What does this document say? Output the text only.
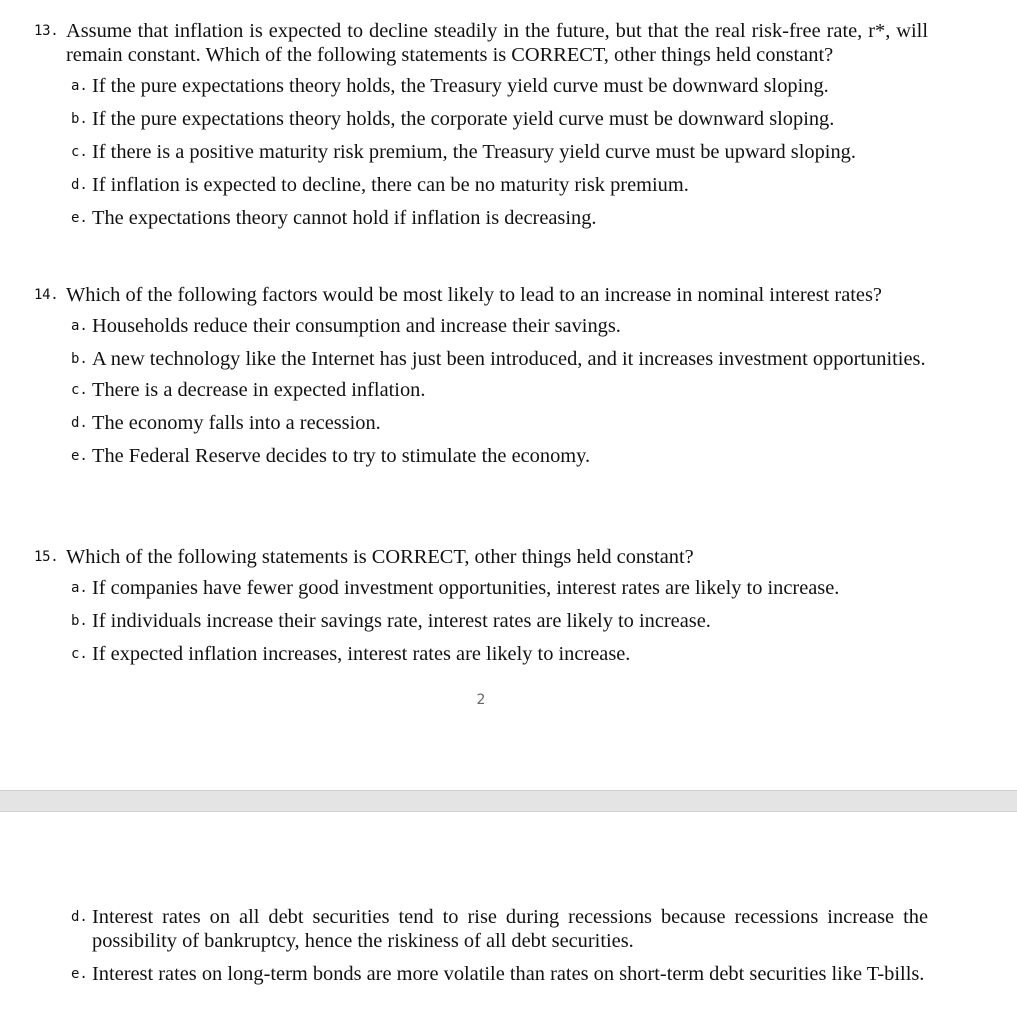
13. Assume that inflation is expected to decline steadily in the future, but that the real risk-free rate, r*, will remain constant. Which of the following statements is CORRECT, other things held constant?
a. If the pure expectations theory holds, the Treasury yield curve must be downward sloping.
b. If the pure expectations theory holds, the corporate yield curve must be downward sloping.
c. If there is a positive maturity risk premium, the Treasury yield curve must be upward sloping.
d. If inflation is expected to decline, there can be no maturity risk premium.
e. The expectations theory cannot hold if inflation is decreasing.
14. Which of the following factors would be most likely to lead to an increase in nominal interest rates?
a. Households reduce their consumption and increase their savings.
b. A new technology like the Internet has just been introduced, and it increases investment opportunities.
c. There is a decrease in expected inflation.
d. The economy falls into a recession.
e. The Federal Reserve decides to try to stimulate the economy.
15. Which of the following statements is CORRECT, other things held constant?
a. If companies have fewer good investment opportunities, interest rates are likely to increase.
b. If individuals increase their savings rate, interest rates are likely to increase.
c. If expected inflation increases, interest rates are likely to increase.
2
d. Interest rates on all debt securities tend to rise during recessions because recessions increase the possibility of bankruptcy, hence the riskiness of all debt securities.
e. Interest rates on long-term bonds are more volatile than rates on short-term debt securities like T-bills.
